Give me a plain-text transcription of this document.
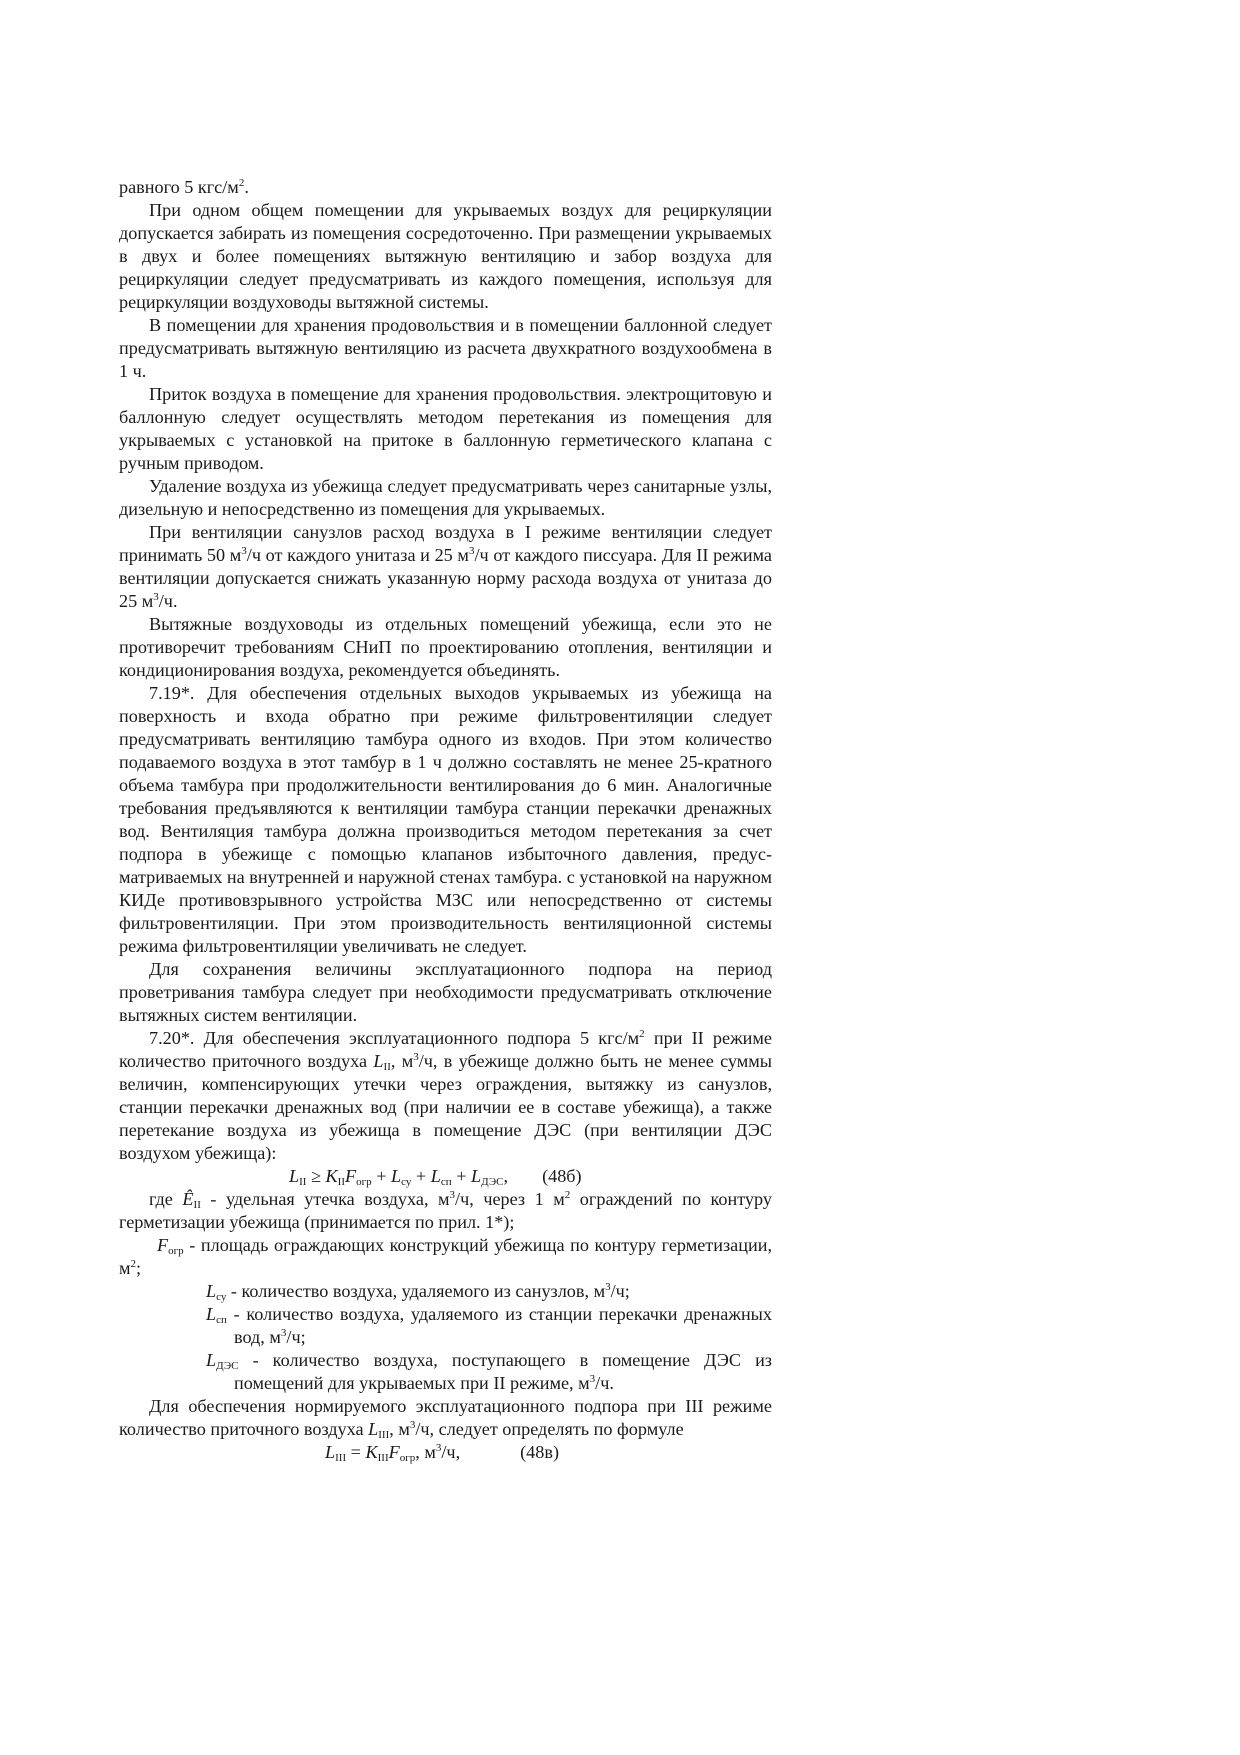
равного 5 кгс/$м^2$.

При одном общем помещении для укрываемых воздух для рециркуляции допускается забирать из помещения сосредоточенно. При размещении укрываемых в двух и более помещениях вытяжную вентиляцию и забор воздуха для рециркуляции следует предусматривать из каждого помещения, используя для рециркуляции воздуховоды вытяжной системы.

В помещении для хранения продовольствия и в помещении баллонной следует предусматривать вытяжную вентиляцию из расчета двухкратного воздухообмена в 1 ч.

Приток воздуха в помещение для хранения продовольствия. электрощитовую и баллонную следует осуществлять методом перетекания из помещения для укрываемых с установкой на притоке в баллонную герметического клапана с ручным приводом.

Удаление воздуха из убежища следует предусматривать через санитарные узлы, дизельную и непосредственно из помещения для укрываемых.

При вентиляции санузлов расход воздуха в I режиме вентиляции следует принимать 50 $м^3/ч$ от каждого унитаза и 25 $м^3/ч$ от каждого писсуара. Для II режима вентиляции допускается снижать указанную норму расхода воздуха от унитаза до 25 $м^3/ч$.

Вытяжные воздуховоды из отдельных помещений убежища, если это не противоречит требованиям СНиП по проектированию отопления, вентиляции и кондиционирования воздуха, рекомендуется объединять.

7.19*. Для обеспечения отдельных выходов укрываемых из убежища на поверхность и входа обратно при режиме фильтровентиляции следует предусматривать вентиляцию тамбура одного из входов. При этом количество подаваемого воздуха в этот тамбур в 1 ч должно составлять не менее 25-кратного объема тамбура при продолжительности вентилирования до 6 мин. Аналогичные требования предъявляются к вентиляции тамбура станции перекачки дренажных вод. Вентиляция тамбура должна производиться методом перетекания за счет подпора в убежище с помощью клапанов избыточного давления, предусматриваемых на внутренней и наружной стенах тамбура. с установкой на наружном КИДе противовзрывного устройства МЗС или непосредственно от системы фильтровентиляции. При этом производительность вентиляционной системы режима фильтровентиляции увеличивать не следует.

Для сохранения величины эксплуатационного подпора на период проветривания тамбура следует при необходимости предусматривать отключение вытяжных систем вентиляции.

7.20*. Для обеспечения эксплуатационного подпора 5 кгс/$м^2$ при II режиме количество приточного воздуха $L_{II}$, $м^3/ч$, в убежище должно быть не менее суммы величин, компенсирующих утечки через ограждения, вытяжку из санузлов, станции перекачки дренажных вод (при наличии ее в составе убежища), а также перетекание воздуха из убежища в помещение ДЭС (при вентиляции ДЭС воздухом убежища):

$L_{II} \ge K_{II}F_{огр} + L_{су} + L_{сп} + L_{ДЭС}$, (48б)

где $Ê_{II}$ - удельная утечка воздуха, $м^3/ч$, через 1 $м^2$ ограждений по контуру герметизации убежища (принимается по прил. 1*);

$F_{огр}$ - площадь ограждающих конструкций убежища по контуру герметизации, $м^2$;

$L_{су}$ - количество воздуха, удаляемого из санузлов, $м^3/ч$;

$L_{сп}$ - количество воздуха, удаляемого из станции перекачки дренажных вод, $м^3/ч$;

$L_{ДЭС}$ - количество воздуха, поступающего в помещение ДЭС из помещений для укрываемых при II режиме, $м^3/ч$.

Для обеспечения нормируемого эксплуатационного подпора при III режиме количество приточного воздуха $L_{III}$, $м^3/ч$, следует определять по формуле

$L_{III} = K_{III}F_{огр}$, $м^3/ч$,	(48в)
